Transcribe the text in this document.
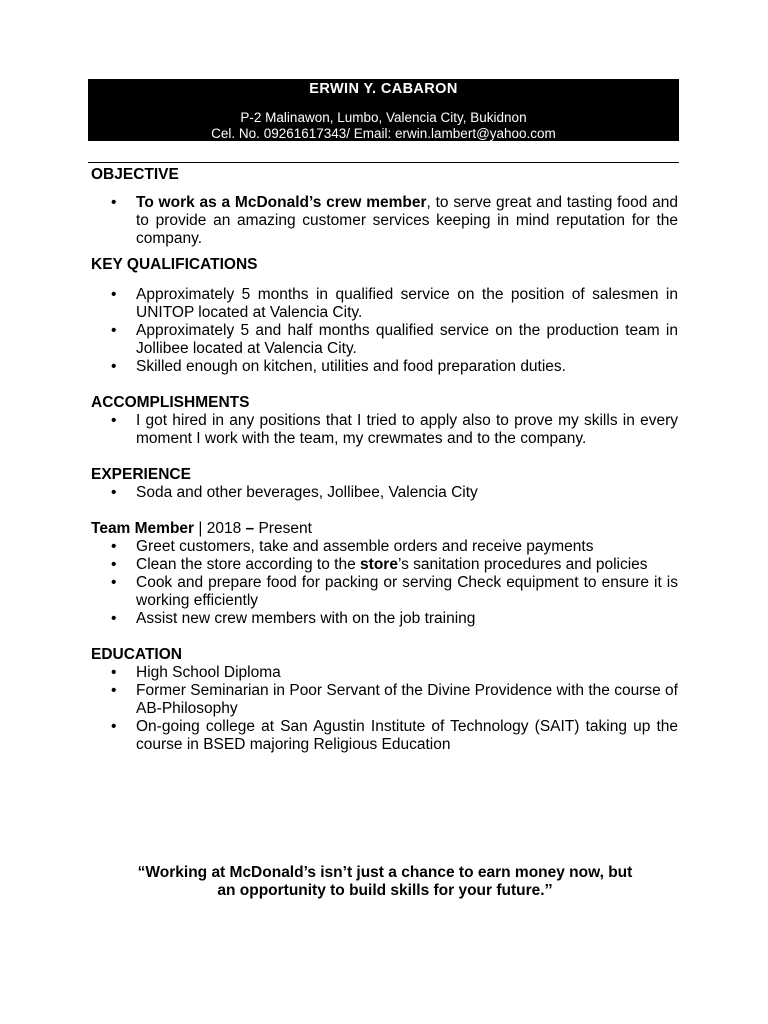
ERWIN Y. CABARON
P-2 Malinawon, Lumbo, Valencia City, Bukidnon
Cel. No. 09261617343/ Email: erwin.lambert@yahoo.com
OBJECTIVE
• To work as a McDonald’s crew member, to serve great and tasting food and to provide an amazing customer services keeping in mind reputation for the company.
KEY QUALIFICATIONS
• Approximately 5 months in qualified service on the position of salesmen in UNITOP located at Valencia City.
• Approximately 5 and half months qualified service on the production team in Jollibee located at Valencia City.
• Skilled enough on kitchen, utilities and food preparation duties.
ACCOMPLISHMENTS
• I got hired in any positions that I tried to apply also to prove my skills in every moment I work with the team, my crewmates and to the company.
EXPERIENCE
• Soda and other beverages, Jollibee, Valencia City
Team Member | 2018 – Present
• Greet customers, take and assemble orders and receive payments
• Clean the store according to the store’s sanitation procedures and policies
• Cook and prepare food for packing or serving Check equipment to ensure it is working efficiently
• Assist new crew members with on the job training
EDUCATION
• High School Diploma
• Former Seminarian in Poor Servant of the Divine Providence with the course of AB-Philosophy
• On-going college at San Agustin Institute of Technology (SAIT) taking up the course in BSED majoring Religious Education
“Working at McDonald’s isn’t just a chance to earn money now, but
an opportunity to build skills for your future.’’
